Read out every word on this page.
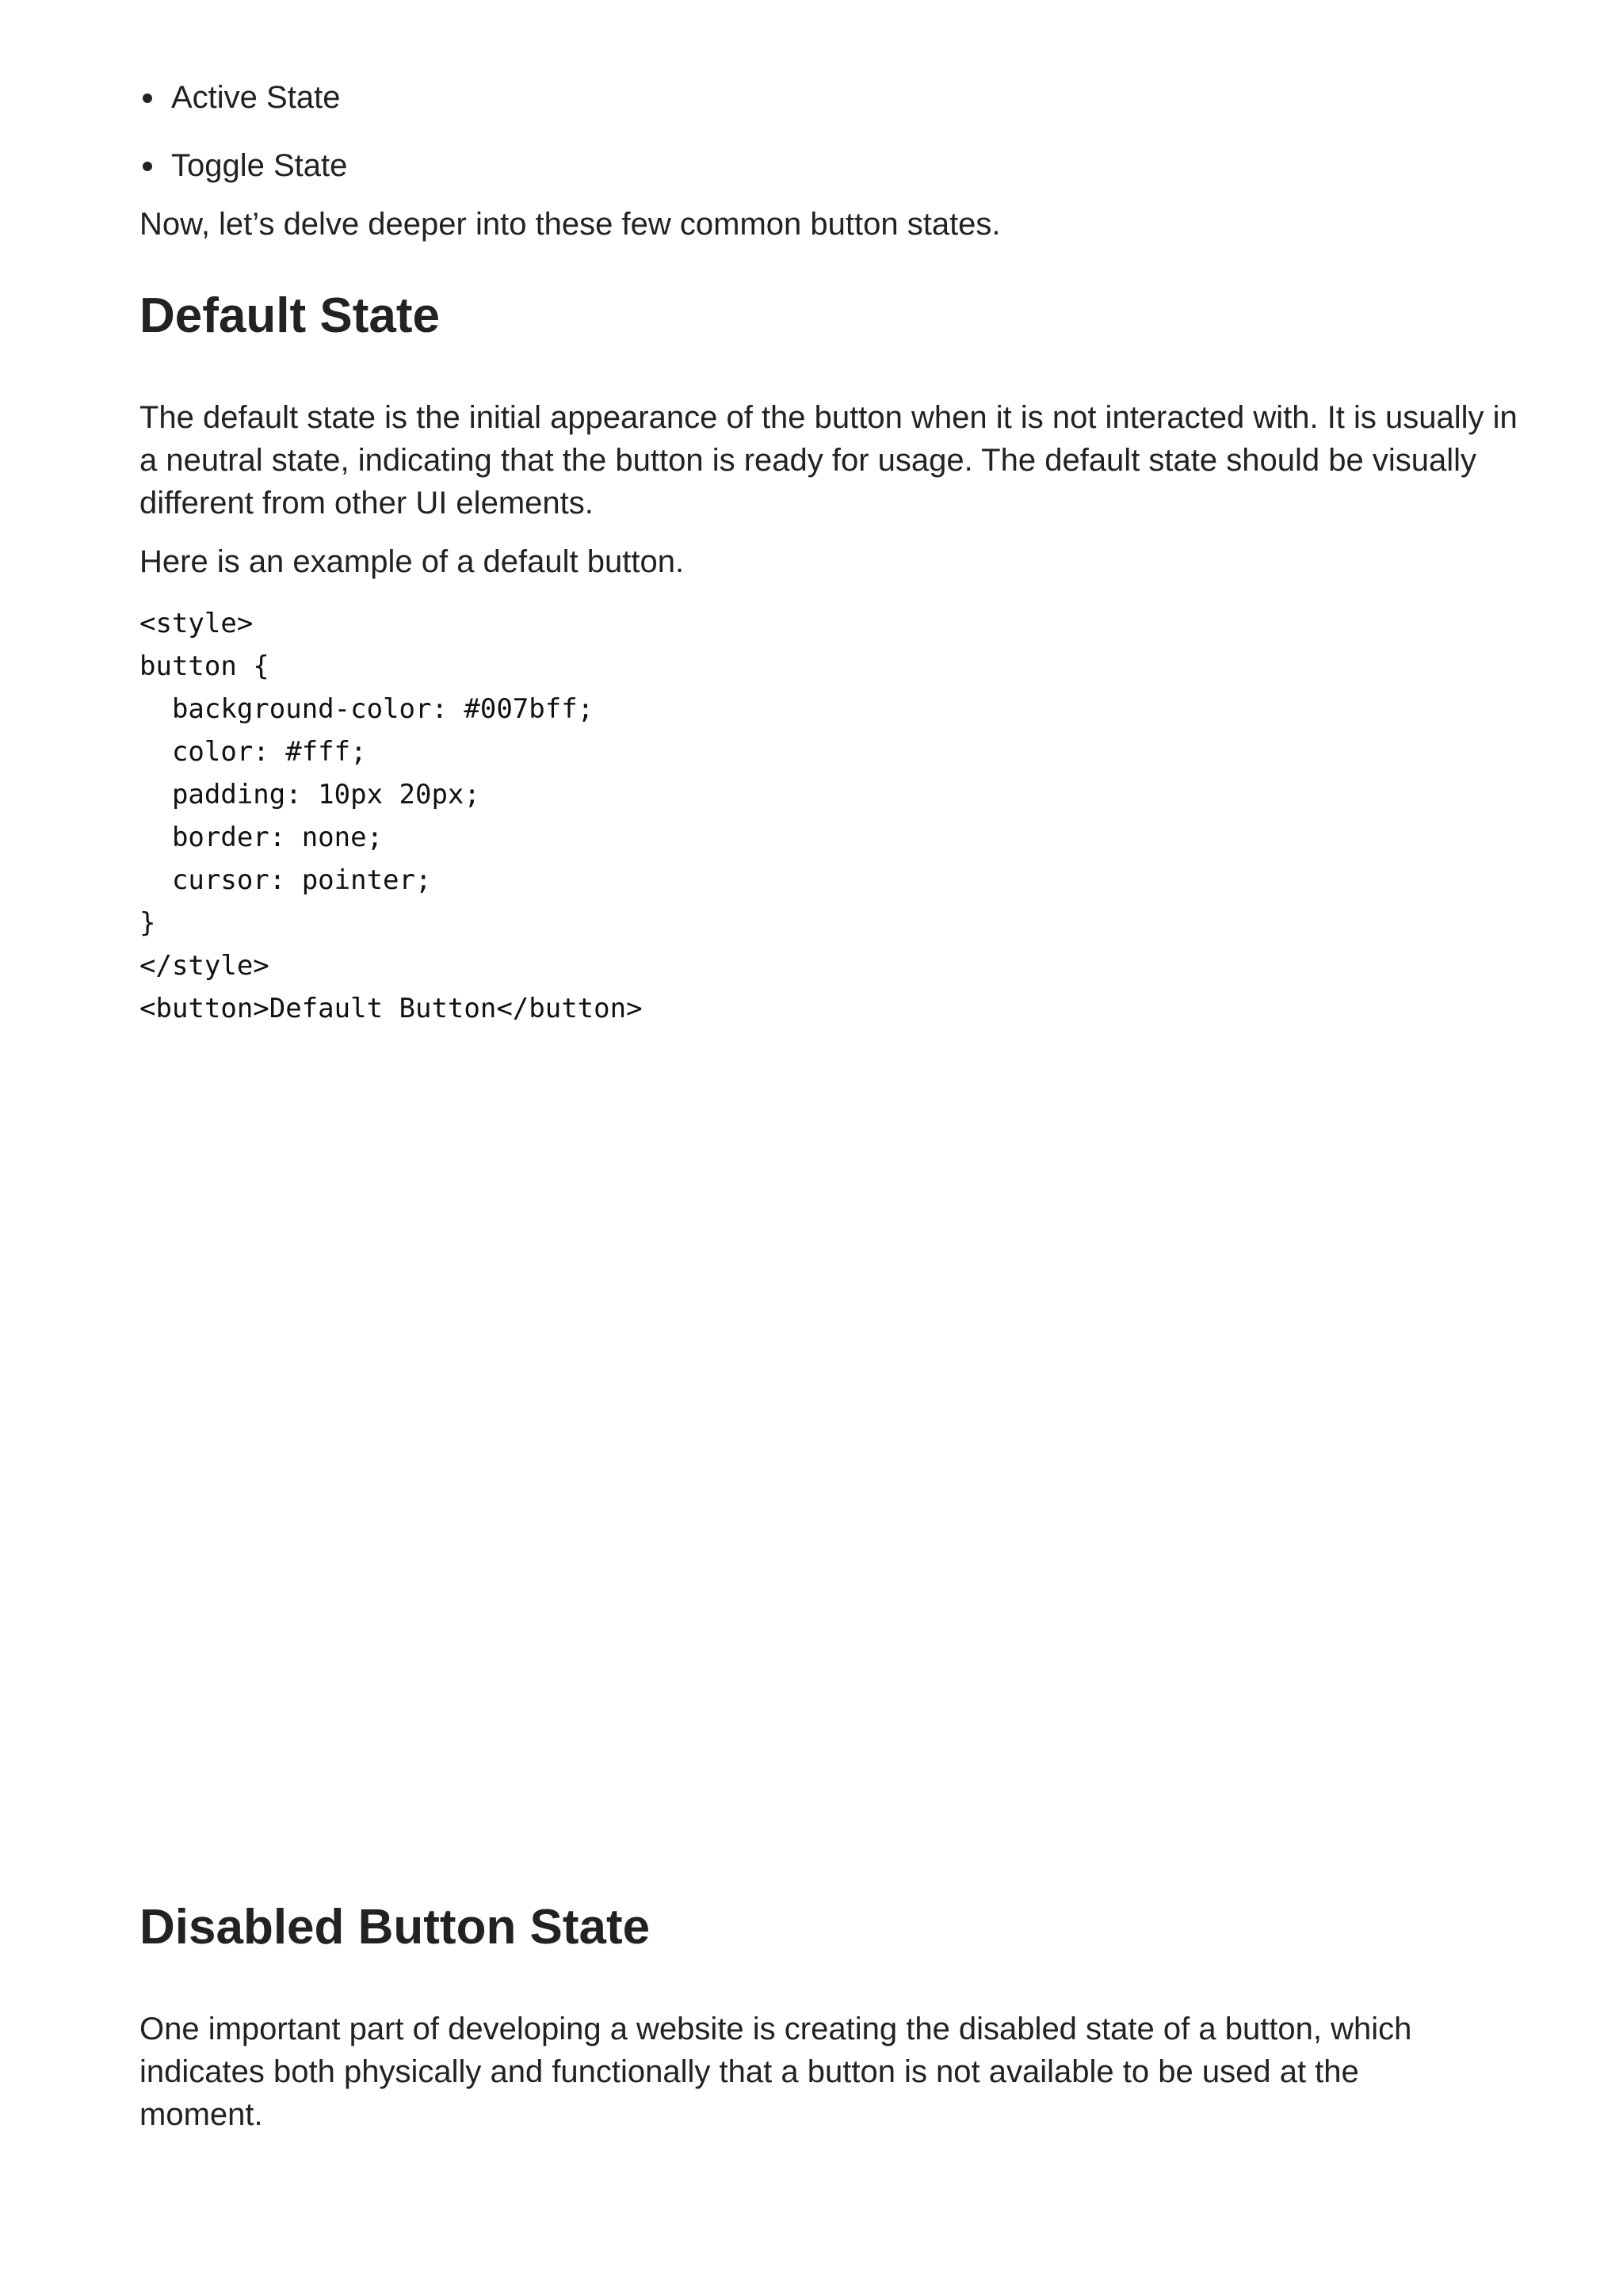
Active State
Toggle State

Now, let’s delve deeper into these few common button states.

Default State

The default state is the initial appearance of the button when it is not interacted with. It is usually in a neutral state, indicating that the button is ready for usage. The default state should be visually different from other UI elements.

Here is an example of a default button.

<style>
button {
background-color: #007bff;
color: #fff;
padding: 10px 20px;
border: none;
cursor: pointer;
}
</style>
<button>Default Button</button>
Disabled Button State

One important part of developing a website is creating the disabled state of a button, which indicates both physically and functionally that a button is not available to be used at the moment.
